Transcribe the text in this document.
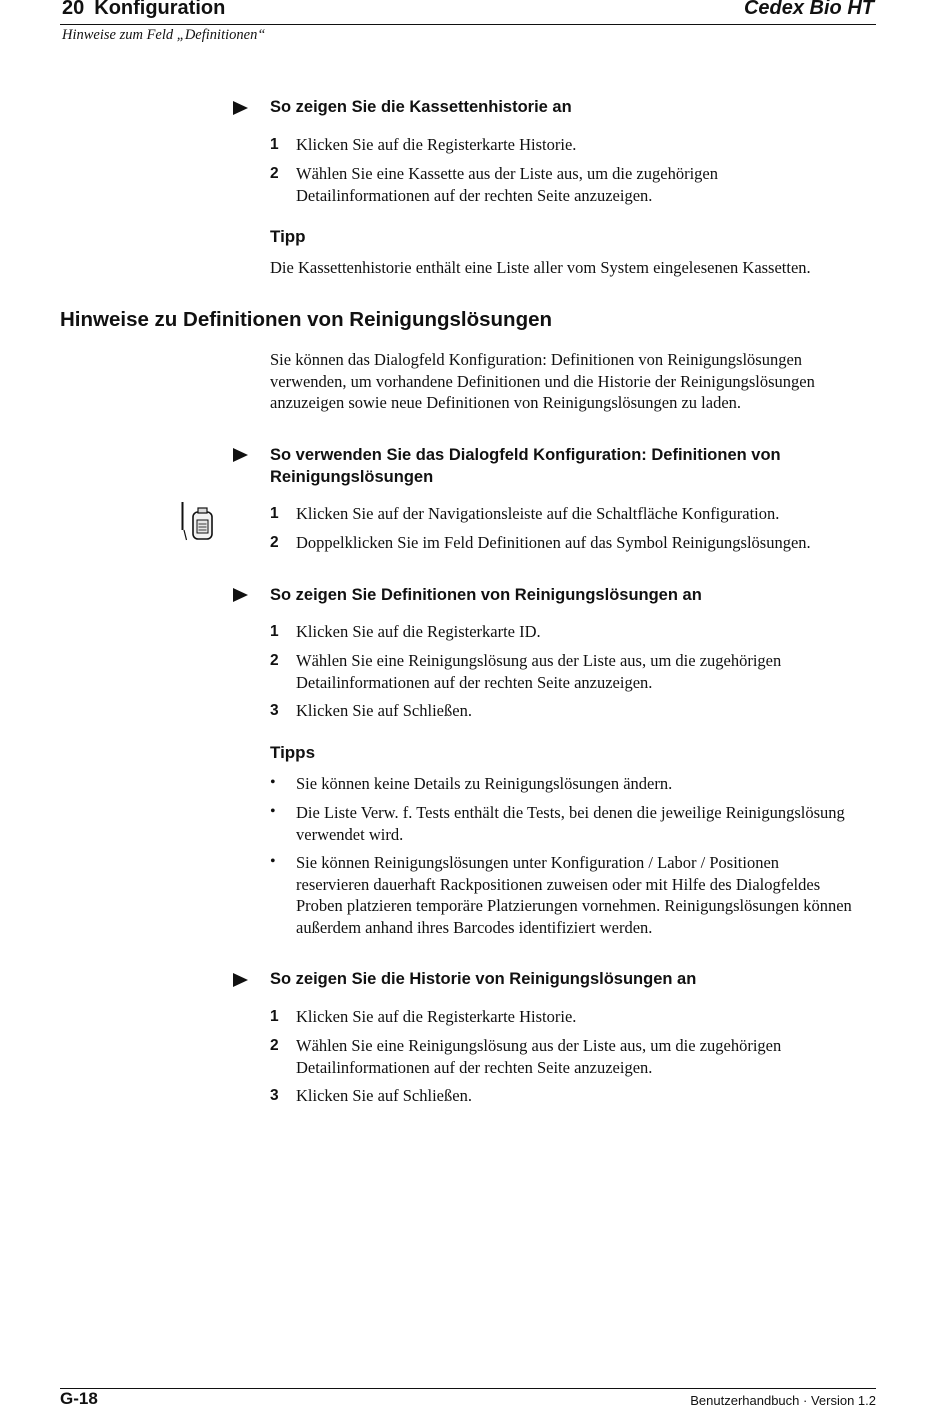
20 Konfiguration	Cedex Bio HT
Hinweise zum Feld „Definitionen“
So zeigen Sie die Kassettenhistorie an
1 Klicken Sie auf die Registerkarte Historie.
2 Wählen Sie eine Kassette aus der Liste aus, um die zugehörigen Detailinformationen auf der rechten Seite anzuzeigen.
Tipp
Die Kassettenhistorie enthält eine Liste aller vom System eingelesenen Kassetten.
Hinweise zu Definitionen von Reinigungslösungen
Sie können das Dialogfeld Konfiguration: Definitionen von Reinigungslösungen verwenden, um vorhandene Definitionen und die Historie der Reinigungslösungen anzuzeigen sowie neue Definitionen von Reinigungslösungen zu laden.
So verwenden Sie das Dialogfeld Konfiguration: Definitionen von Reinigungslösungen
1 Klicken Sie auf der Navigationsleiste auf die Schaltfläche Konfiguration.
2 Doppelklicken Sie im Feld Definitionen auf das Symbol Reinigungslösungen.
So zeigen Sie Definitionen von Reinigungslösungen an
1 Klicken Sie auf die Registerkarte ID.
2 Wählen Sie eine Reinigungslösung aus der Liste aus, um die zugehörigen Detailinformationen auf der rechten Seite anzuzeigen.
3 Klicken Sie auf Schließen.
Tipps
• Sie können keine Details zu Reinigungslösungen ändern.
• Die Liste Verw. f. Tests enthält die Tests, bei denen die jeweilige Reinigungslösung verwendet wird.
• Sie können Reinigungslösungen unter Konfiguration / Labor / Positionen reservieren dauerhaft Rackpositionen zuweisen oder mit Hilfe des Dialogfeldes Proben platzieren temporäre Platzierungen vornehmen. Reinigungslösungen können außerdem anhand ihres Barcodes identifiziert werden.
So zeigen Sie die Historie von Reinigungslösungen an
1 Klicken Sie auf die Registerkarte Historie.
2 Wählen Sie eine Reinigungslösung aus der Liste aus, um die zugehörigen Detailinformationen auf der rechten Seite anzuzeigen.
3 Klicken Sie auf Schließen.
G-18	Benutzerhandbuch · Version 1.2
